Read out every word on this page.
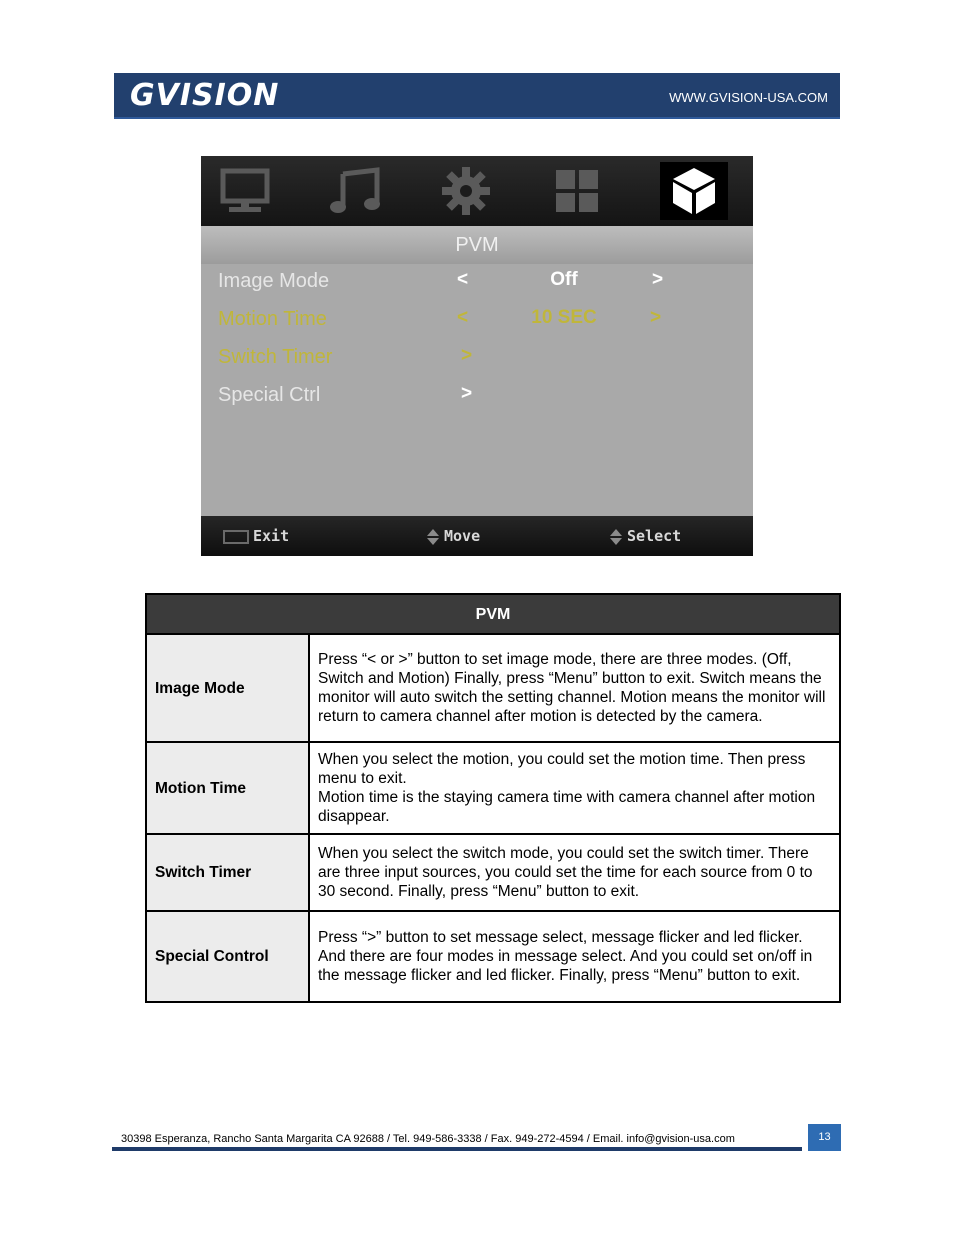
GVISION	WWW.GVISION-USA.COM
PVM
Image Mode	<	Off	>
Motion Time	<	10 SEC	>
Switch Timer	>
Special Ctrl	>
Exit	Move	Select
PVM	
Image Mode	Press “< or >” button to set image mode, there are three modes. (Off, Switch and Motion) Finally, press “Menu” button to exit. Switch means the monitor will auto switch the setting channel. Motion means the monitor will return to camera channel after motion is detected by the camera.
Motion Time	When you select the motion, you could set the motion time. Then press menu to exit.
Motion time is the staying camera time with camera channel after motion disappear.

Switch Timer	When you select the switch mode, you could set the switch timer. There are three input sources, you could set the time for each source from 0 to 30 second. Finally, press “Menu” button to exit.
Special Control	Press “>” button to set message select, message flicker and led flicker. And there are four modes in message select. And you could set on/off in the message flicker and led flicker. Finally, press “Menu” button to exit.
30398 Esperanza, Rancho Santa Margarita CA 92688 / Tel. 949-586-3338 / Fax. 949-272-4594 / Email. info@gvision-usa.com	13
